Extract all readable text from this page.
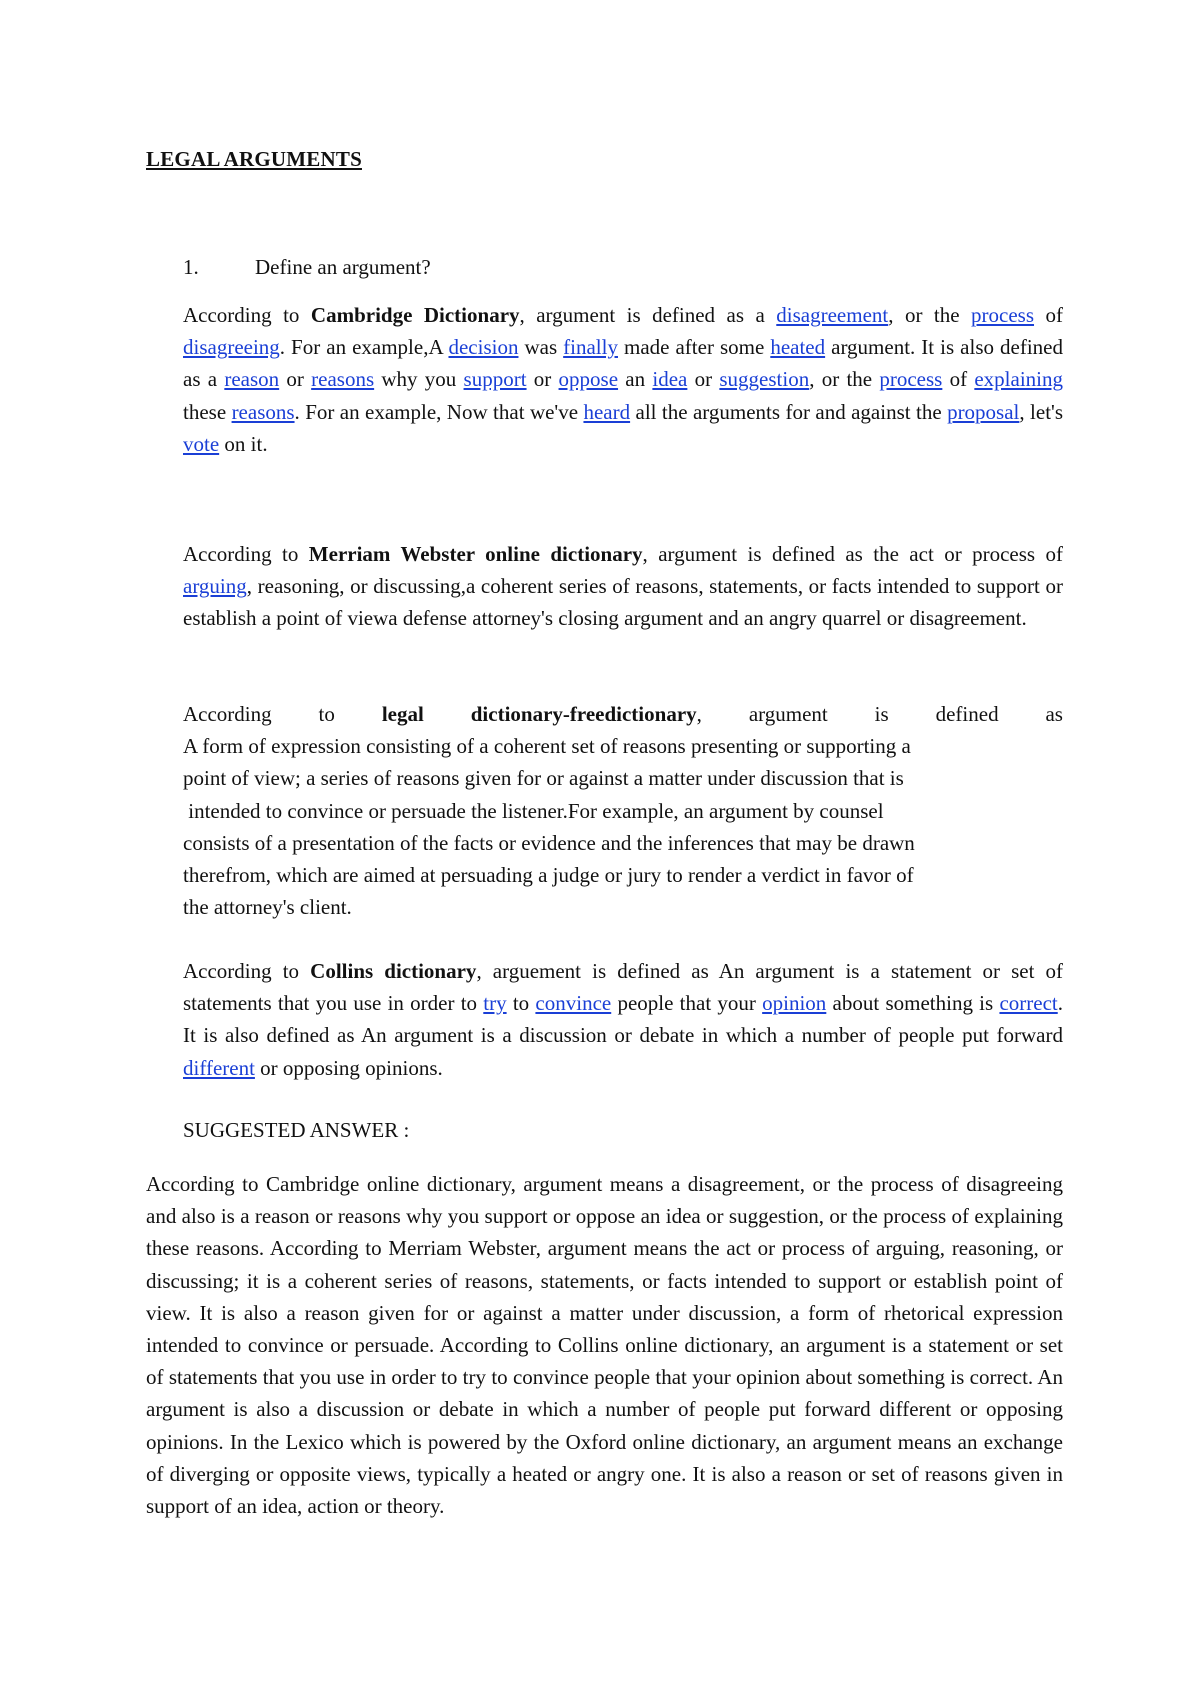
LEGAL ARGUMENTS
1.	Define an argument?

According to Cambridge Dictionary, argument is defined as a disagreement, or the process of disagreeing. For an example,A decision was finally made after some heated argument. It is also defined as a reason or reasons why you support or oppose an idea or suggestion, or the process of explaining these reasons. For an example, Now that we've heard all the arguments for and against the proposal, let's vote on it.

According to Merriam Webster online dictionary, argument is defined as the act or process of arguing, reasoning, or discussing,a coherent series of reasons, statements, or facts intended to support or establish a point of viewa defense attorney's closing argument and an angry quarrel or disagreement.

According to legal dictionary-freedictionary, argument is defined as
A form of expression consisting of a coherent set of reasons presenting or supporting a
point of view; a series of reasons given for or against a matter under discussion that is
intended to convince or persuade the listener.For example, an argument by counsel
consists of a presentation of the facts or evidence and the inferences that may be drawn
therefrom, which are aimed at persuading a judge or jury to render a verdict in favor of
the attorney's client.

According to Collins dictionary, arguement is defined as An argument is a statement or set of statements that you use in order to try to convince people that your opinion about something is correct. It is also defined as An argument is a discussion or debate in which a number of people put forward different or opposing opinions.

SUGGESTED ANSWER :

According to Cambridge online dictionary, argument means a disagreement, or the process of disagreeing and also is a reason or reasons why you support or oppose an idea or suggestion, or the process of explaining these reasons. According to Merriam Webster, argument means the act or process of arguing, reasoning, or discussing; it is a coherent series of reasons, statements, or facts intended to support or establish point of view. It is also a reason given for or against a matter under discussion, a form of rhetorical expression intended to convince or persuade. According to Collins online dictionary, an argument is a statement or set of statements that you use in order to try to convince people that your opinion about something is correct. An argument is also a discussion or debate in which a number of people put forward different or opposing opinions. In the Lexico which is powered by the Oxford online dictionary, an argument means an exchange of diverging or opposite views, typically a heated or angry one. It is also a reason or set of reasons given in support of an idea, action or theory.
